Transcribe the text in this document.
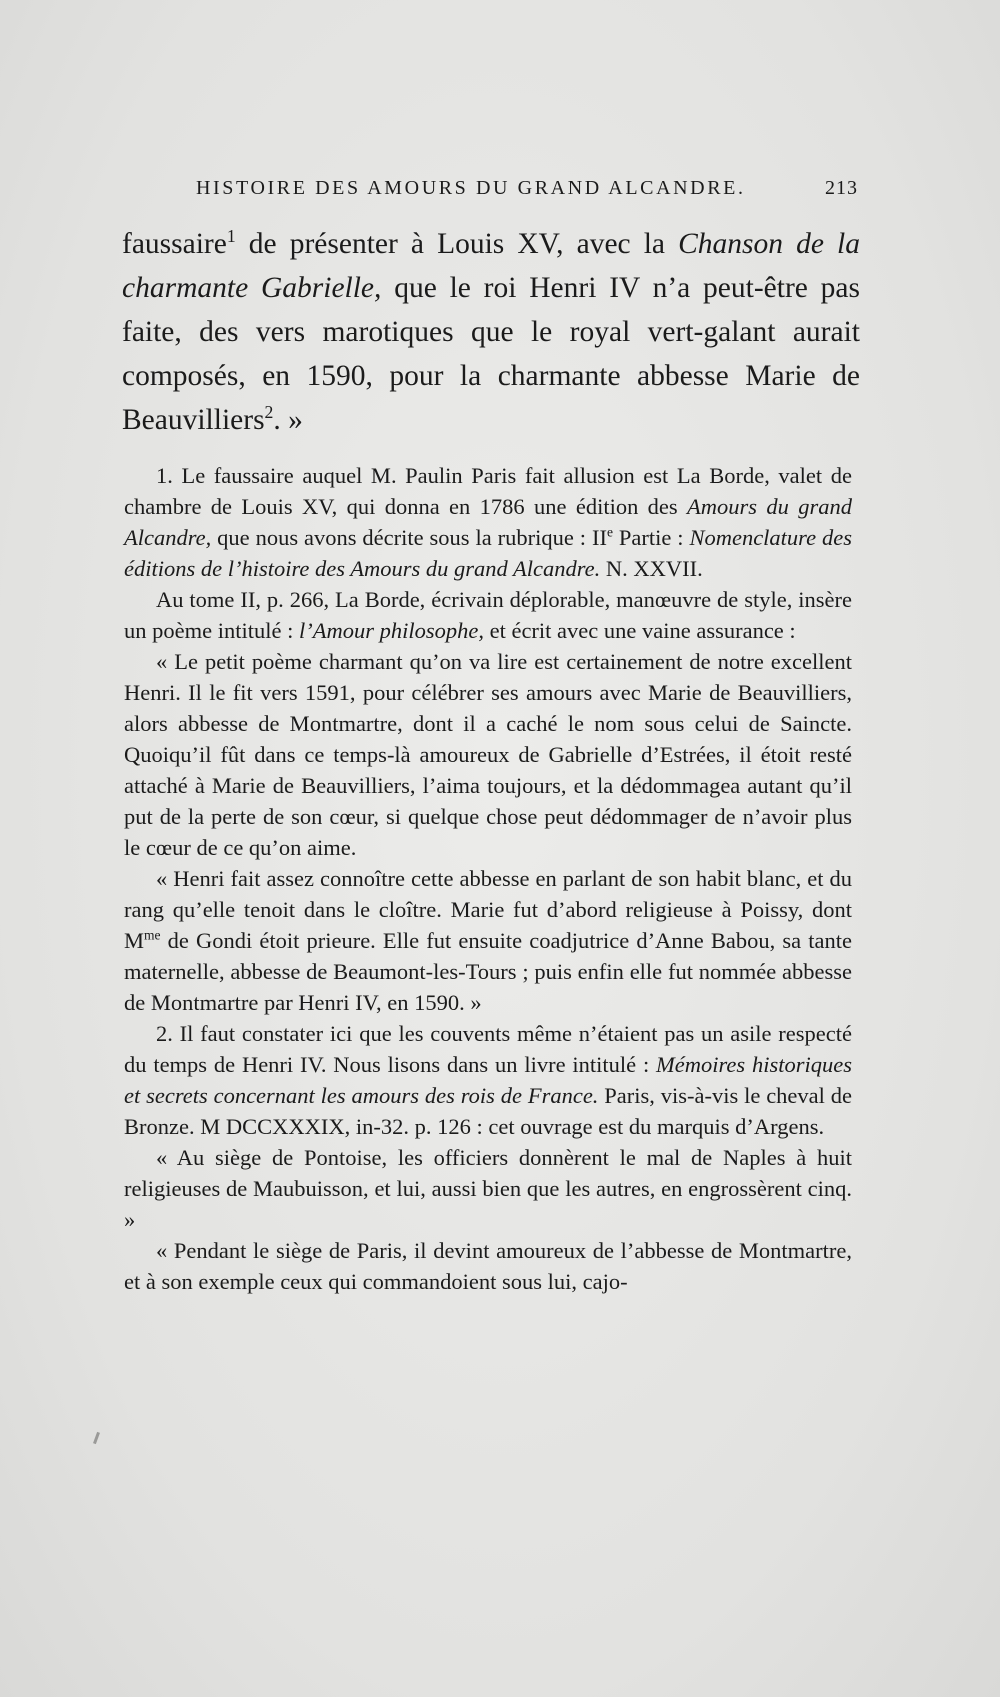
HISTOIRE DES AMOURS DU GRAND ALCANDRE.	213

faussaire$^1$ de présenter à Louis XV, avec la Chanson de la charmante Gabrielle, que le roi Henri IV n’a peut-être pas faite, des vers marotiques que le royal vert-galant aurait composés, en 1590, pour la charmante abbesse Marie de Beauvilliers$^2$. »

1. Le faussaire auquel M. Paulin Paris fait allusion est La Borde, valet de chambre de Louis XV, qui donna en 1786 une édition des Amours du grand Alcandre, que nous avons décrite sous la rubrique : IIe Partie : Nomenclature des éditions de l’histoire des Amours du grand Alcandre. N. XXVII.

Au tome II, p. 266, La Borde, écrivain déplorable, manœuvre de style, insère un poème intitulé : l’Amour philosophe, et écrit avec une vaine assurance :

« Le petit poème charmant qu’on va lire est certainement de notre excellent Henri. Il le fit vers 1591, pour célébrer ses amours avec Marie de Beauvilliers, alors abbesse de Montmartre, dont il a caché le nom sous celui de Saincte. Quoiqu’il fût dans ce temps-là amoureux de Gabrielle d’Estrées, il étoit resté attaché à Marie de Beauvilliers, l’aima toujours, et la dédommagea autant qu’il put de la perte de son cœur, si quelque chose peut dédommager de n’avoir plus le cœur de ce qu’on aime.

« Henri fait assez connoître cette abbesse en parlant de son habit blanc, et du rang qu’elle tenoit dans le cloître. Marie fut d’abord religieuse à Poissy, dont $M^{me}$ de Gondi étoit prieure. Elle fut ensuite coadjutrice d’Anne Babou, sa tante maternelle, abbesse de Beaumont-les-Tours ; puis enfin elle fut nommée abbesse de Montmartre par Henri IV, en 1590. »

2. Il faut constater ici que les couvents même n’étaient pas un asile respecté du temps de Henri IV. Nous lisons dans un livre intitulé : Mémoires historiques et secrets concernant les amours des rois de France. Paris, vis-à-vis le cheval de Bronze. M DCCXXXIX, in-32. p. 126 : cet ouvrage est du marquis d’Argens.

« Au siège de Pontoise, les officiers donnèrent le mal de Naples à huit religieuses de Maubuisson, et lui, aussi bien que les autres, en engrossèrent cinq. »

« Pendant le siège de Paris, il devint amoureux de l’abbesse de Montmartre, et à son exemple ceux qui commandoient sous lui, cajo-
